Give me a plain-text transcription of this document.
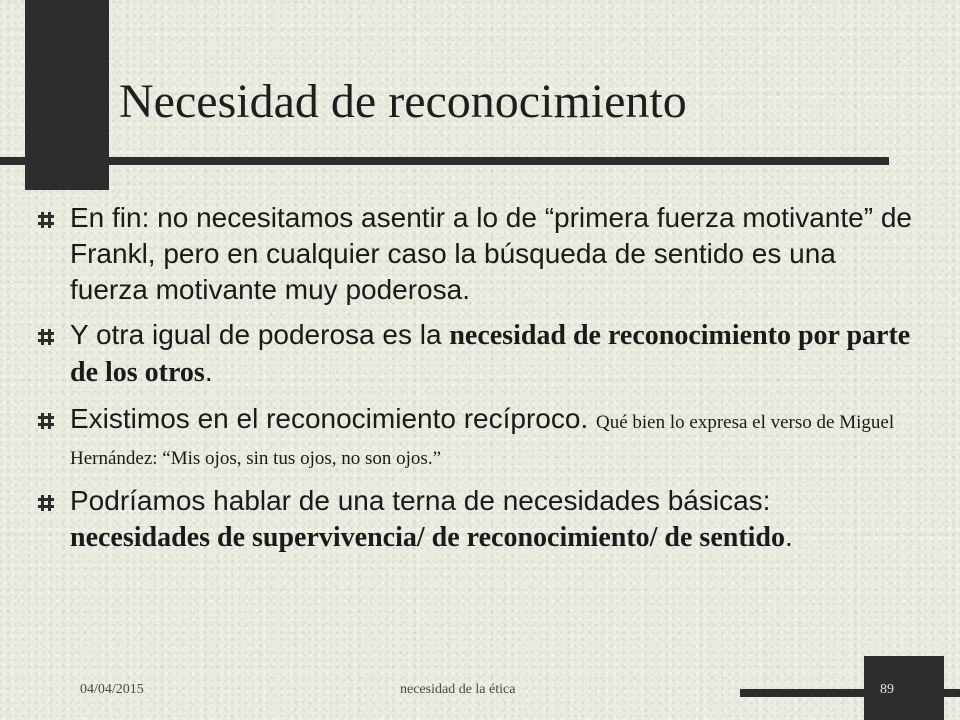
Necesidad de reconocimiento
En fin: no necesitamos asentir a lo de “primera fuerza motivante” de Frankl, pero en cualquier caso la búsqueda de sentido es una fuerza motivante muy poderosa.
Y otra igual de poderosa es la necesidad de reconocimiento por parte de los otros.
Existimos en el reconocimiento recíproco. Qué bien lo expresa el verso de Miguel Hernández: “Mis ojos, sin tus ojos, no son ojos.”
Podríamos hablar de una terna de necesidades básicas: necesidades de supervivencia/ de reconocimiento/ de sentido.
04/04/2015	necesidad de la ética	89
